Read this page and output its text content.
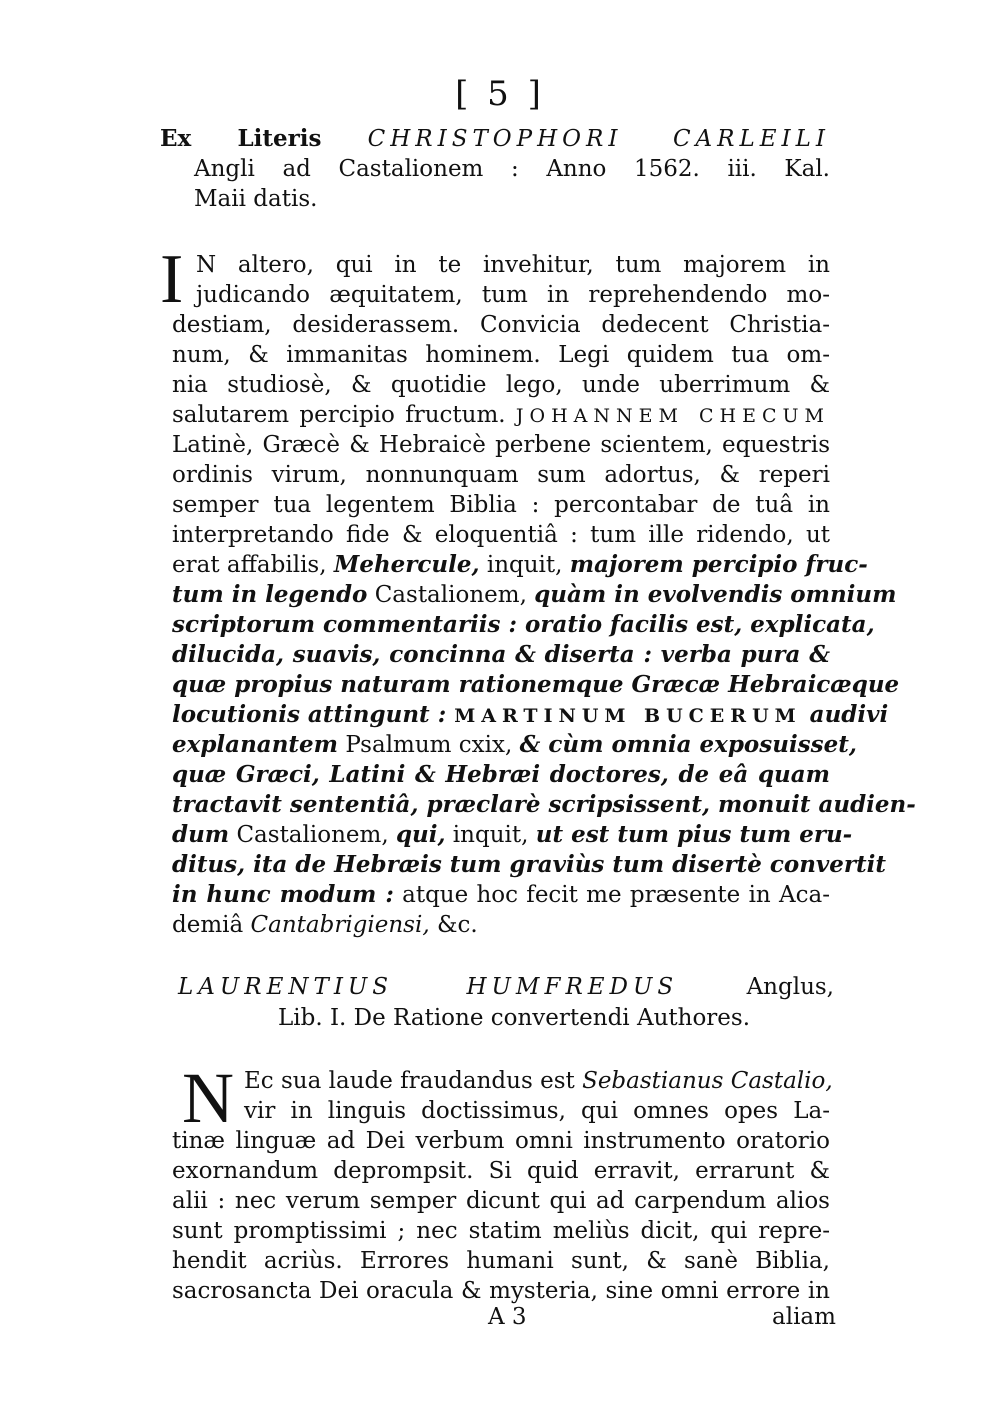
[ 5 ]
Ex Literis CHRISTOPHORI CARLEILI
Angli ad Castalionem : Anno 1562. iii. Kal.
Maii datis.
I N altero, qui in te invehitur, tum majorem in
judicando æquitatem, tum in reprehendendo mo-
destiam, desiderassem. Convicia dedecent Christia-
num, & immanitas hominem. Legi quidem tua om-
nia studiosè, & quotidie lego, unde uberrimum &
salutarem percipio fructum. JOHANNEM CHECUM
Latinè, Græcè & Hebraicè perbene scientem, equestris
ordinis virum, nonnunquam sum adortus, & reperi
semper tua legentem Biblia : percontabar de tuâ in
interpretando fide & eloquentiâ : tum ille ridendo, ut
erat affabilis, Mehercule, inquit, majorem percipio fruc-
tum in legendo Castalionem, quàm in evolvendis omnium
scriptorum commentariis : oratio facilis est, explicata,
dilucida, suavis, concinna & diserta : verba pura &
quæ propius naturam rationemque Græcæ Hebraicæque
locutionis attingunt : MARTINUM BUCERUM audivi
explanantem Psalmum cxix, & cùm omnia exposuisset,
quæ Græci, Latini & Hebræi doctores, de eâ quam
tractavit sententiâ, præclarè scripsissent, monuit audien-
dum Castalionem, qui, inquit, ut est tum pius tum eru-
ditus, ita de Hebræis tum graviùs tum disertè convertit
in hunc modum : atque hoc fecit me præsente in Aca-
demiâ Cantabrigiensi, &c.
LAURENTIUS HUMFREDUS Anglus,
Lib. I. De Ratione convertendi Authores.
N Ec sua laude fraudandus est Sebastianus Castalio,
vir in linguis doctissimus, qui omnes opes La-
tinæ linguæ ad Dei verbum omni instrumento oratorio
exornandum deprompsit. Si quid erravit, errarunt &
alii : nec verum semper dicunt qui ad carpendum alios
sunt promptissimi ; nec statim meliùs dicit, qui repre-
hendit acriùs. Errores humani sunt, & sanè Biblia,
sacrosancta Dei oracula & mysteria, sine omni errore in
A 3	aliam
